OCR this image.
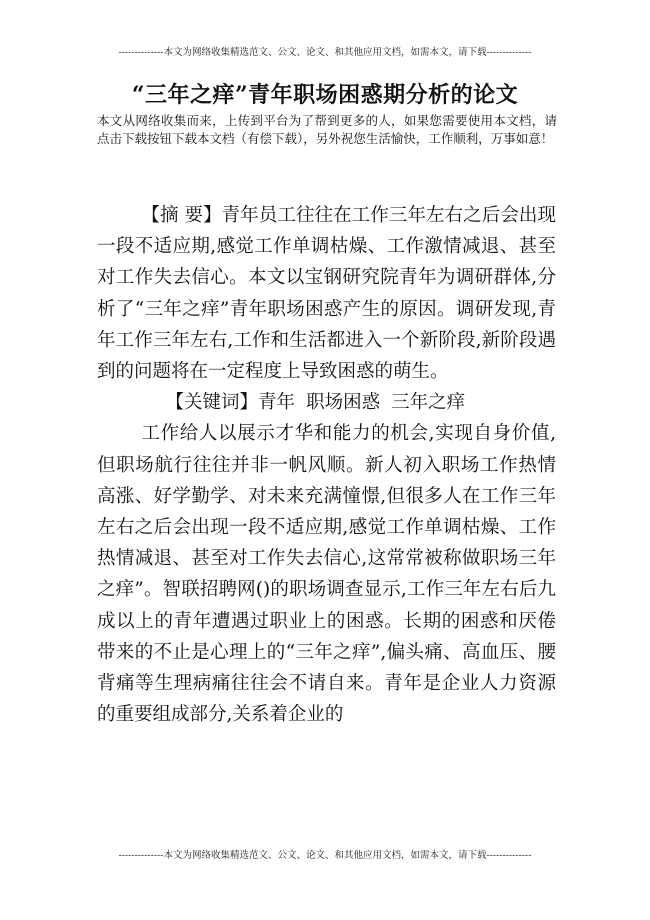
--------------本文为网络收集精选范文、公文、论文、和其他应用文档，如需本文，请下载--------------
“三年之痒”青年职场困惑期分析的论文
本文从网络收集而来，上传到平台为了帮到更多的人，如果您需要使用本文档，请点击下载按钮下载本文档（有偿下载），另外祝您生活愉快，工作顺利，万事如意！

【摘 要】青年员工往往在工作三年左右之后会出现一段不适应期,感觉工作单调枯燥、工作激情减退、甚至对工作失去信心。本文以宝钢研究院青年为调研群体,分析了“三年之痒”青年职场困惑产生的原因。调研发现,青年工作三年左右,工作和生活都进入一个新阶段,新阶段遇到的问题将在一定程度上导致困惑的萌生。

【关键词】青年 职场困惑 三年之痒

工作给人以展示才华和能力的机会,实现自身价值,但职场航行往往并非一帆风顺。新人初入职场工作热情高涨、好学勤学、对未来充满憧憬,但很多人在工作三年左右之后会出现一段不适应期,感觉工作单调枯燥、工作热情减退、甚至对工作失去信心,这常常被称做职场三年之痒”。智联招聘网()的职场调查显示,工作三年左右后九成以上的青年遭遇过职业上的困惑。长期的困惑和厌倦带来的不止是心理上的“三年之痒”,偏头痛、高血压、腰背痛等生理病痛往往会不请自来。青年是企业人力资源的重要组成部分,关系着企业的

--------------本文为网络收集精选范文、公文、论文、和其他应用文档，如需本文，请下载--------------
